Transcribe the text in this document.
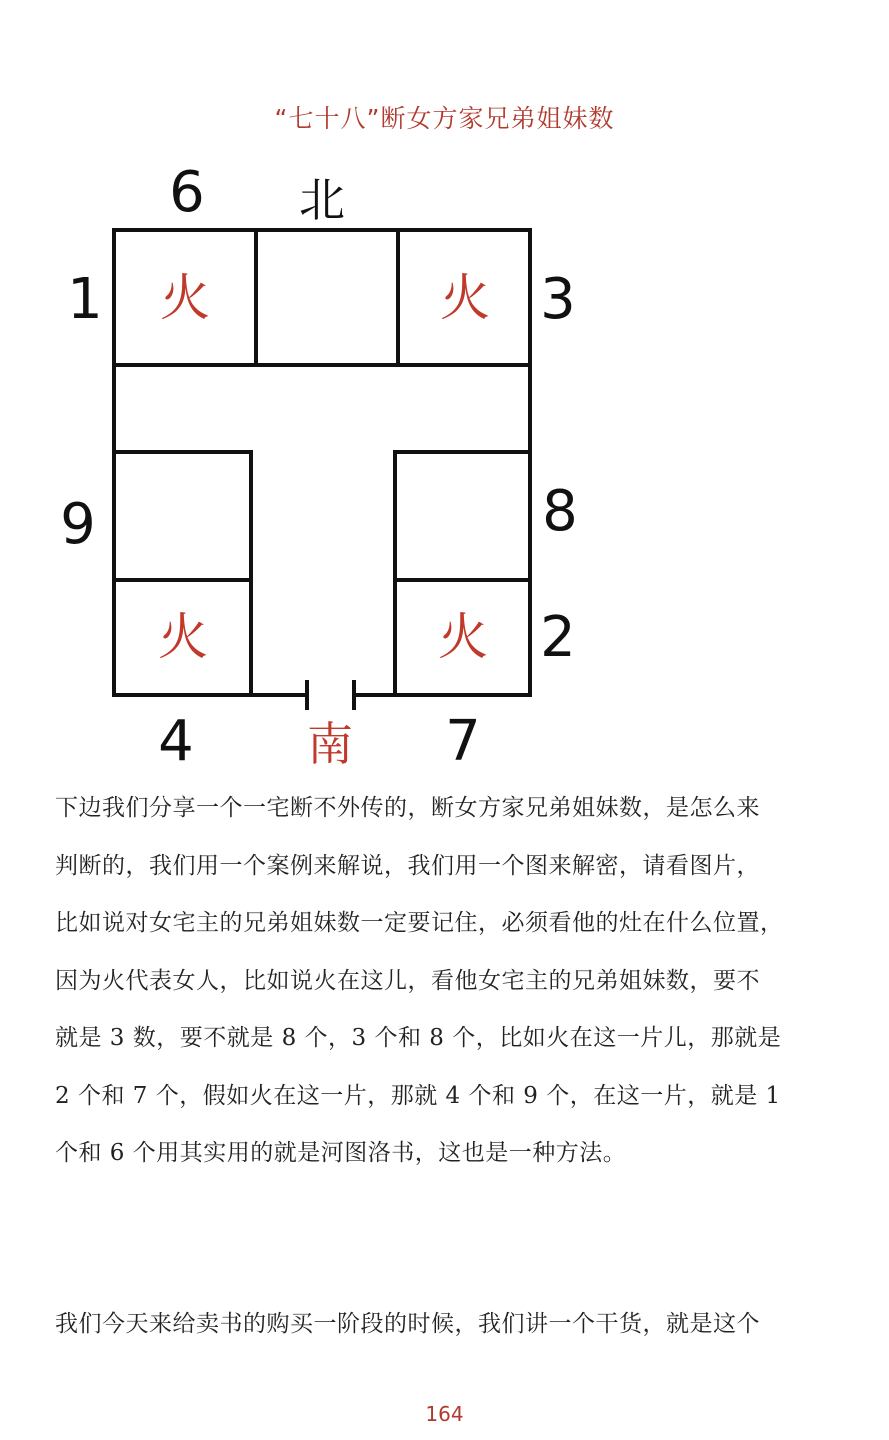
“七十八”断女方家兄弟姐妹数
6 北
1	3
9	8
2
4 南 7
火	火
火	火
下边我们分享一个一宅断不外传的，断女方家兄弟姐妹数，是怎么来
判断的，我们用一个案例来解说，我们用一个图来解密，请看图片，
比如说对女宅主的兄弟姐妹数一定要记住，必须看他的灶在什么位置，
因为火代表女人，比如说火在这儿，看他女宅主的兄弟姐妹数，要不
就是 3 数，要不就是 8 个，3 个和 8 个，比如火在这一片儿，那就是
2 个和 7 个，假如火在这一片，那就 4 个和 9 个，在这一片，就是 1
个和 6 个用其实用的就是河图洛书，这也是一种方法。
我们今天来给卖书的购买一阶段的时候，我们讲一个干货，就是这个
164
